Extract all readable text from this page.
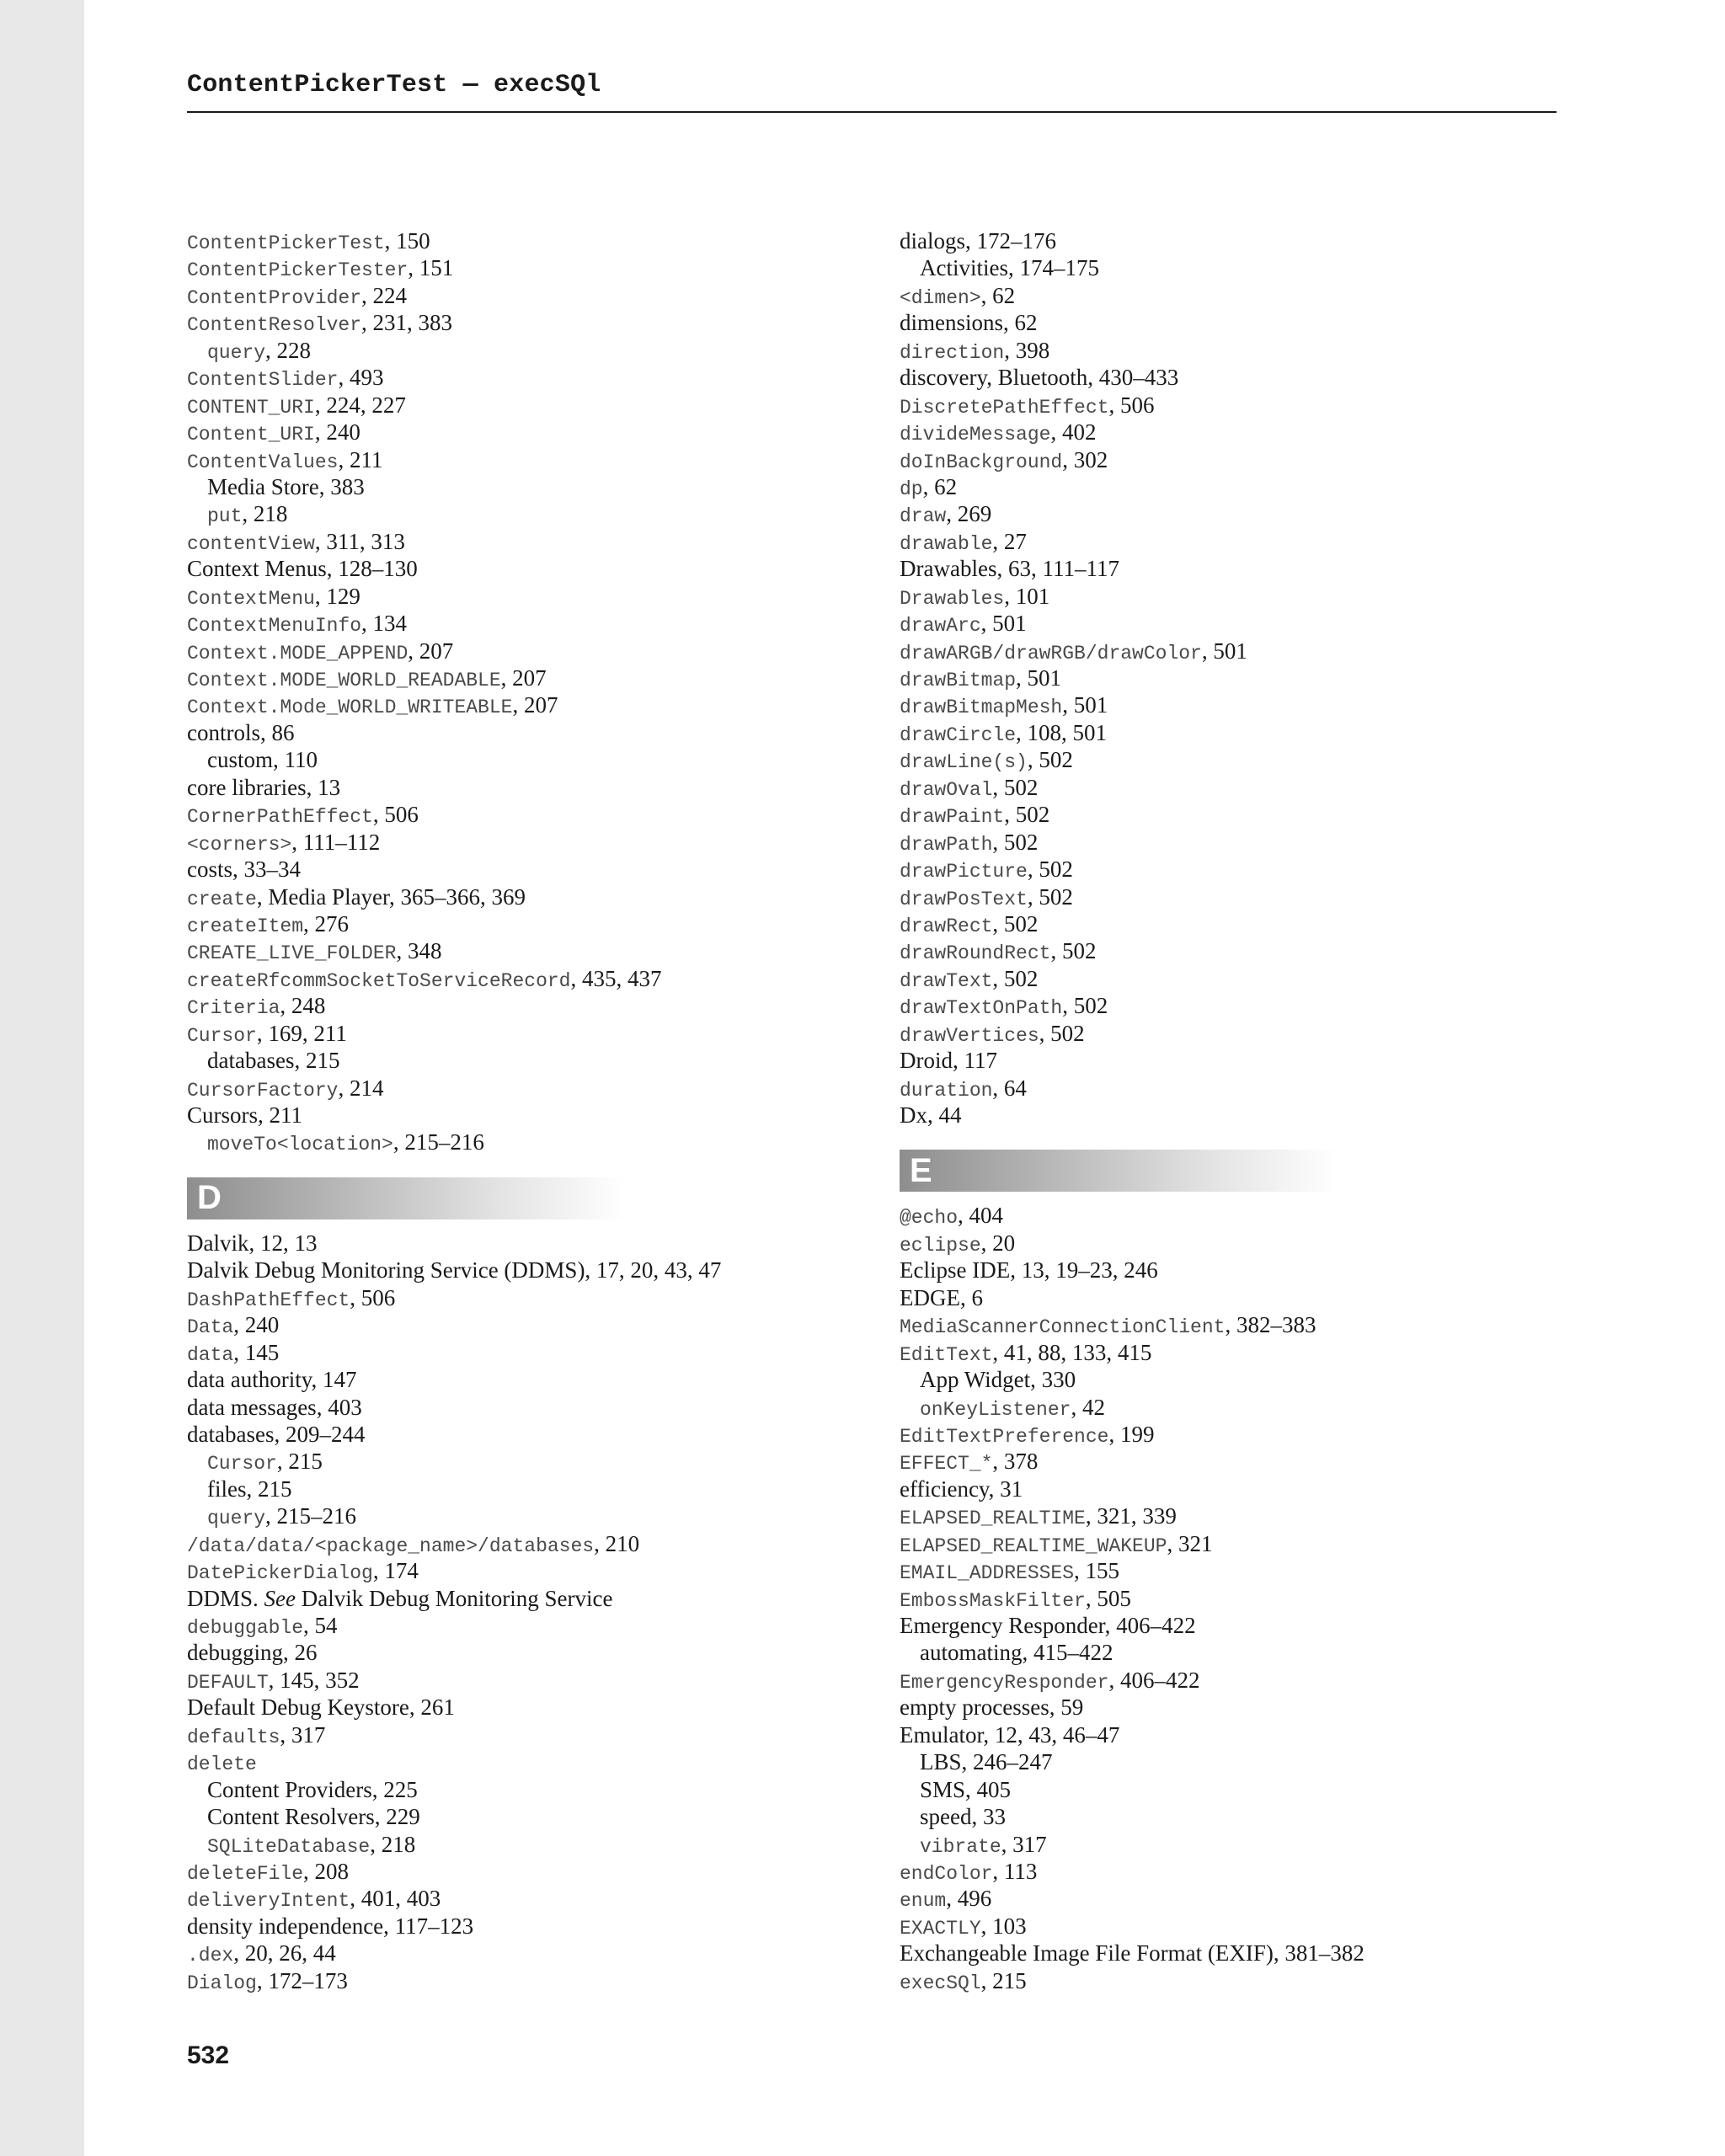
ContentPickerTest — execSQl
ContentPickerTest, 150
ContentPickerTester, 151
ContentProvider, 224
ContentResolver, 231, 383
query, 228
ContentSlider, 493
CONTENT_URI, 224, 227
Content_URI, 240
ContentValues, 211
Media Store, 383
put, 218
contentView, 311, 313
Context Menus, 128–130
ContextMenu, 129
ContextMenuInfo, 134
Context.MODE_APPEND, 207
Context.MODE_WORLD_READABLE, 207
Context.Mode_WORLD_WRITEABLE, 207
controls, 86
custom, 110
core libraries, 13
CornerPathEffect, 506
<corners>, 111–112
costs, 33–34
create, Media Player, 365–366, 369
createItem, 276
CREATE_LIVE_FOLDER, 348
createRfcommSocketToServiceRecord, 435, 437
Criteria, 248
Cursor, 169, 211
databases, 215
CursorFactory, 214
Cursors, 211
moveTo<location>, 215–216
D
Dalvik, 12, 13
Dalvik Debug Monitoring Service (DDMS), 17, 20, 43, 47
DashPathEffect, 506
Data, 240
data, 145
data authority, 147
data messages, 403
databases, 209–244
Cursor, 215
files, 215
query, 215–216
/data/data/<package_name>/databases, 210
DatePickerDialog, 174
DDMS. See Dalvik Debug Monitoring Service
debuggable, 54
debugging, 26
DEFAULT, 145, 352
Default Debug Keystore, 261
defaults, 317
delete
Content Providers, 225
Content Resolvers, 229
SQLiteDatabase, 218
deleteFile, 208
deliveryIntent, 401, 403
density independence, 117–123
.dex, 20, 26, 44
Dialog, 172–173
dialogs, 172–176
Activities, 174–175
<dimen>, 62
dimensions, 62
direction, 398
discovery, Bluetooth, 430–433
DiscretePathEffect, 506
divideMessage, 402
doInBackground, 302
dp, 62
draw, 269
drawable, 27
Drawables, 63, 111–117
Drawables, 101
drawArc, 501
drawARGB/drawRGB/drawColor, 501
drawBitmap, 501
drawBitmapMesh, 501
drawCircle, 108, 501
drawLine(s), 502
drawOval, 502
drawPaint, 502
drawPath, 502
drawPicture, 502
drawPosText, 502
drawRect, 502
drawRoundRect, 502
drawText, 502
drawTextOnPath, 502
drawVertices, 502
Droid, 117
duration, 64
Dx, 44
E
@echo, 404
eclipse, 20
Eclipse IDE, 13, 19–23, 246
EDGE, 6
MediaScannerConnectionClient, 382–383
EditText, 41, 88, 133, 415
App Widget, 330
onKeyListener, 42
EditTextPreference, 199
EFFECT_*, 378
efficiency, 31
ELAPSED_REALTIME, 321, 339
ELAPSED_REALTIME_WAKEUP, 321
EMAIL_ADDRESSES, 155
EmbossMaskFilter, 505
Emergency Responder, 406–422
automating, 415–422
EmergencyResponder, 406–422
empty processes, 59
Emulator, 12, 43, 46–47
LBS, 246–247
SMS, 405
speed, 33
vibrate, 317
endColor, 113
enum, 496
EXACTLY, 103
Exchangeable Image File Format (EXIF), 381–382
execSQl, 215
532
